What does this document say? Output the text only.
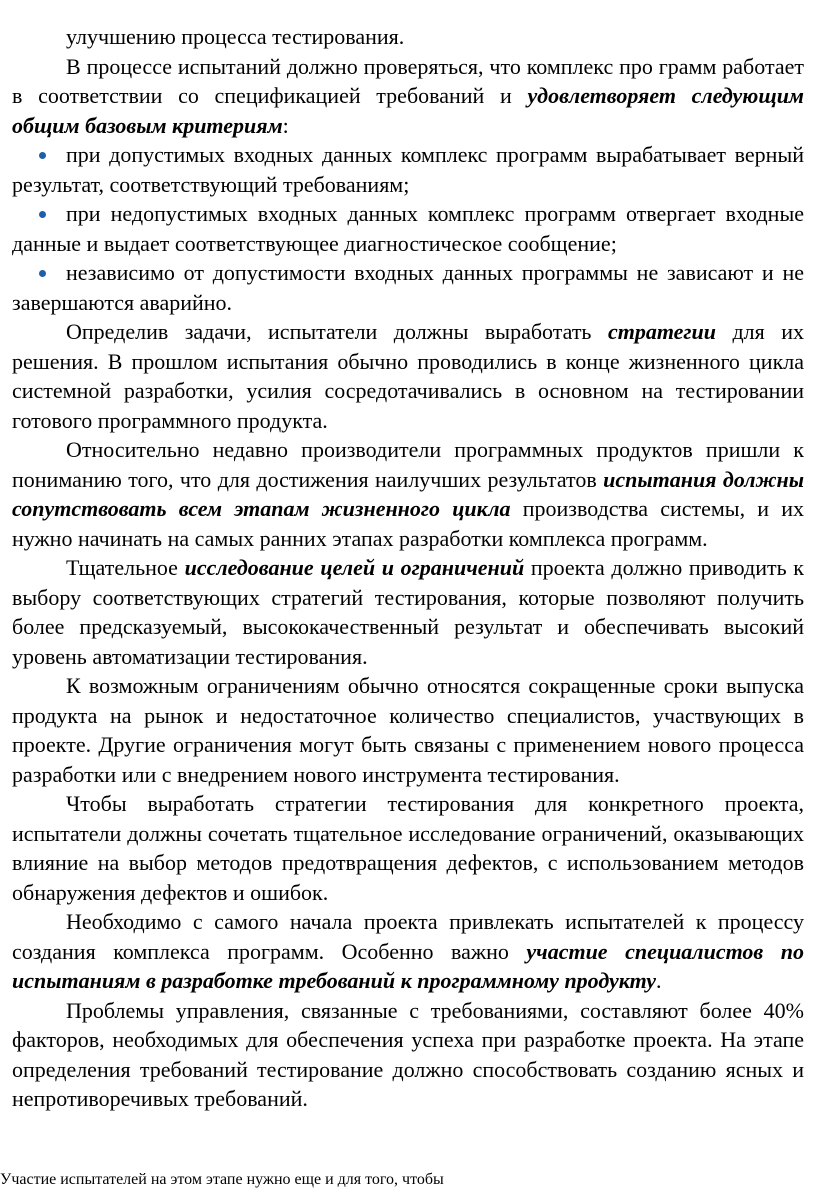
улучшению процесса тестирования.

В процессе испытаний должно проверяться, что комплекс про грамм работает в соответствии со спецификацией требований и удовлетворяет следующим общим базовым критериям:

при допустимых входных данных комплекс программ вырабатывает верный результат, соответствующий требованиям;
при недопустимых входных данных комплекс программ отвергает входные данные и выдает соответствующее диагностическое сообщение;
независимо от допустимости входных данных программы не зависают и не завершаются аварийно.

Определив задачи, испытатели должны выработать стратегии для их решения. В прошлом испытания обычно проводились в конце жизненного цикла системной разработки, усилия сосредотачивались в основном на тестировании готового программного продукта.

Относительно недавно производители программных продуктов пришли к пониманию того, что для достижения наилучших результатов испытания должны сопутствовать всем этапам жизненного цикла производства системы, и их нужно начинать на самых ранних этапах разработки комплекса программ.

Тщательное исследование целей и ограничений проекта должно приводить к выбору соответствующих стратегий тестирования, которые позволяют получить более предсказуемый, высококачественный результат и обеспечивать высокий уровень автоматизации тестирования.

К возможным ограничениям обычно относятся сокращенные сроки выпуска продукта на рынок и недостаточное количество специалистов, участвующих в проекте. Другие ограничения могут быть связаны с применением нового процесса разработки или с внедрением нового инструмента тестирования.

Чтобы выработать стратегии тестирования для конкретного проекта, испытатели должны сочетать тщательное исследование ограничений, оказывающих влияние на выбор методов предотвращения дефектов, с использованием методов обнаружения дефектов и ошибок.

Необходимо с самого начала проекта привлекать испытателей к процессу создания комплекса программ. Особенно важно участие специалистов по испытаниям в разработке требований к программному продукту.

Проблемы управления, связанные с требованиями, составляют более 40% факторов, необходимых для обеспечения успеха при разработке проекта. На этапе определения требований тестирование должно способствовать созданию ясных и непротиворечивых требований.

Участие испытателей на этом этапе нужно еще и для того, чтобы
